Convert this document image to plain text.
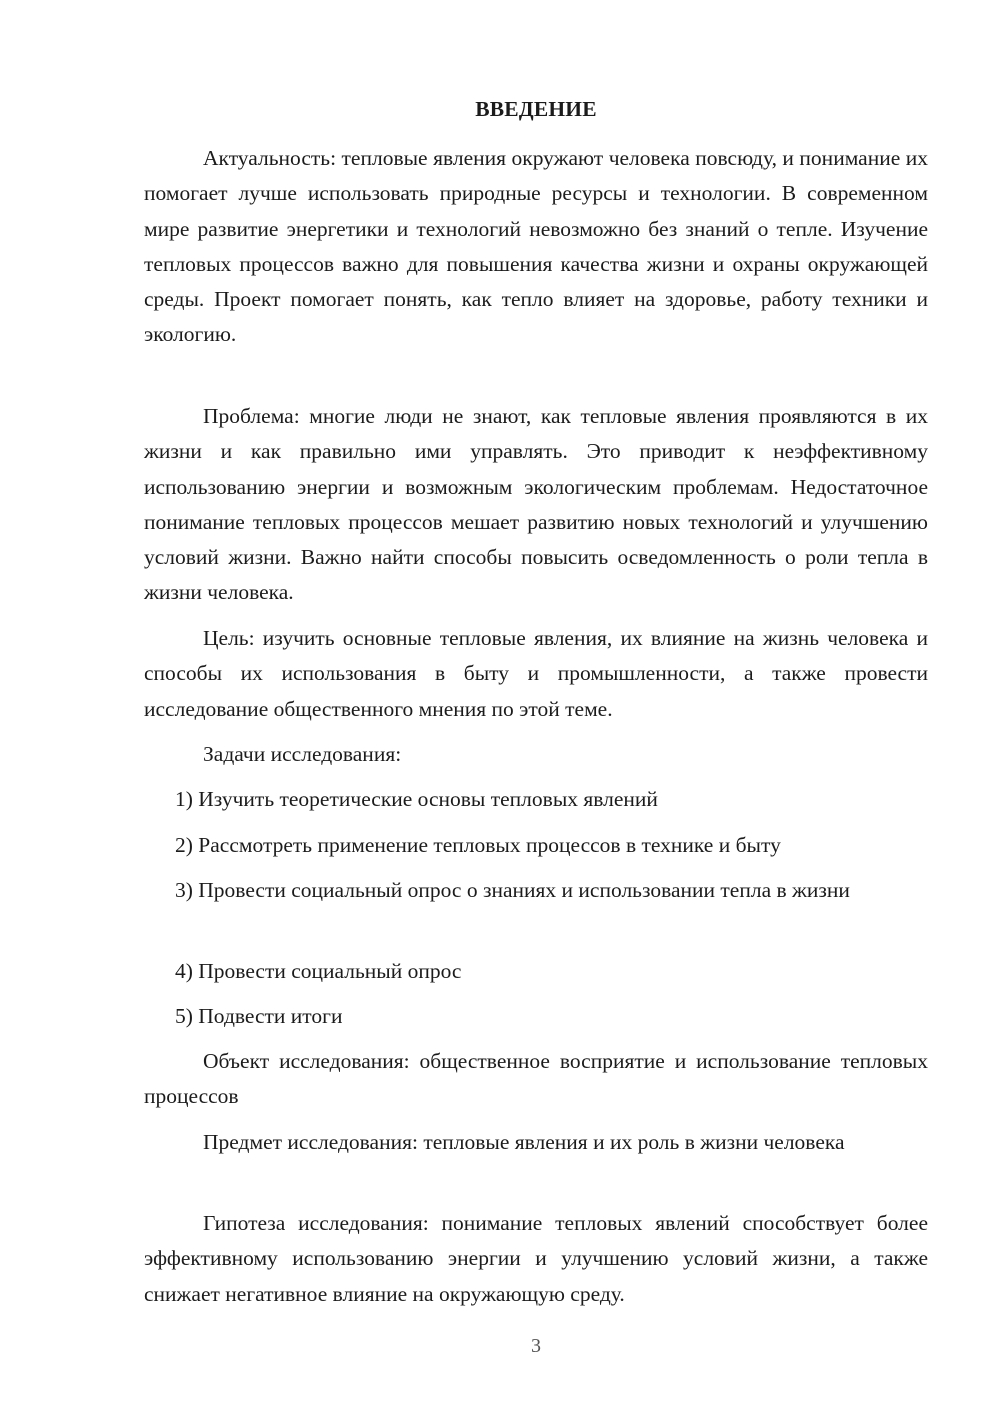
ВВЕДЕНИЕ

Актуальность: тепловые явления окружают человека повсюду, и понимание их помогает лучше использовать природные ресурсы и технологии. В современном мире развитие энергетики и технологий невозможно без знаний о тепле. Изучение тепловых процессов важно для повышения качества жизни и охраны окружающей среды. Проект помогает понять, как тепло влияет на здоровье, работу техники и экологию.

Проблема: многие люди не знают, как тепловые явления проявляются в их жизни и как правильно ими управлять. Это приводит к неэффективному использованию энергии и возможным экологическим проблемам. Недостаточное понимание тепловых процессов мешает развитию новых технологий и улучшению условий жизни. Важно найти способы повысить осведомленность о роли тепла в жизни человека.

Цель: изучить основные тепловые явления, их влияние на жизнь человека и способы их использования в быту и промышленности, а также провести исследование общественного мнения по этой теме.

Задачи исследования:

1) Изучить теоретические основы тепловых явлений

2) Рассмотреть применение тепловых процессов в технике и быту

3) Провести социальный опрос о знаниях и использовании тепла в жизни

4) Провести социальный опрос

5) Подвести итоги

Объект исследования: общественное восприятие и использование тепловых процессов

Предмет исследования: тепловые явления и их роль в жизни человека

Гипотеза исследования: понимание тепловых явлений способствует более эффективному использованию энергии и улучшению условий жизни, а также снижает негативное влияние на окружающую среду.

3
